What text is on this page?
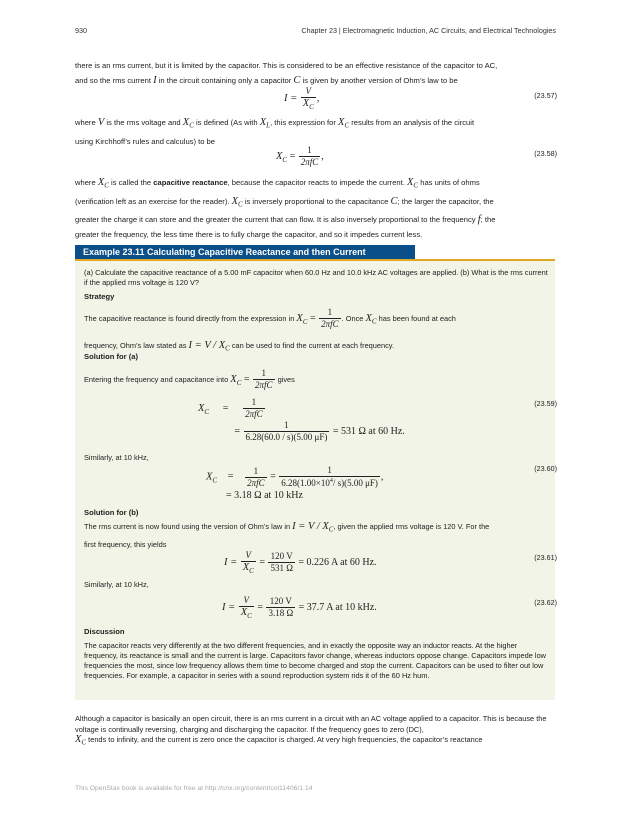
930	Chapter 23 | Electromagnetic Induction, AC Circuits, and Electrical Technologies

there is an rms current, but it is limited by the capacitor. This is considered to be an effective resistance of the capacitor to AC,
and so the rms current I in the circuit containing only a capacitor C is given by another version of Ohm’s law to be

$I = \frac{V}{X_C}$ ,	(23.57)

where V is the rms voltage and $X_C$ is defined (As with $X_L$, this expression for $X_C$ results from an analysis of the circuit
using Kirchhoff’s rules and calculus) to be

$X_C = \frac{1}{\text{2πfC}}$ ,	(23.58)

where $X_C$ is called the capacitive reactance, because the capacitor reacts to impede the current. $X_C$ has units of ohms
(verification left as an exercise for the reader). $X_C$ is inversely proportional to the capacitance C; the larger the capacitor, the
greater the charge it can store and the greater the current that can flow. It is also inversely proportional to the frequency f; the
greater the frequency, the less time there is to fully charge the capacitor, and so it impedes current less.

Example 23.11 Calculating Capacitive Reactance and then Current

(a) Calculate the capacitive reactance of a 5.00 mF capacitor when 60.0 Hz and 10.0 kHz AC voltages are applied. (b) What is the rms current if the applied rms voltage is 120 V?

Strategy

The capacitive reactance is found directly from the expression in $X_C = \frac{1}{\text{2πfC}}$ . Once $X_C$ has been found at each
frequency, Ohm’s law stated as $I = V / X_C$ can be used to find the current at each frequency.

Solution for (a)

Entering the frequency and capacitance into $X_C = \frac{1}{\text{2πfC}}$ gives

$X_C = \frac{1}{\text{2πfC}}$
= $\frac{1}{6.28(60.0 / s)(5.00 \mu F)} = 531$ Ω at 60 Hz.
(23.59)
Similarly, at 10 kHz,
$X_C = \frac{1}{\text{2πfC}} = \frac{1}{6.28(1.00\times 10^4/ s)(5.00 \mu F)}$ ,
= 3.18 Ω at 10 kHz
(23.60)
Solution for (b)

The rms current is now found using the version of Ohm’s law in $I = V / X_C$, given the applied rms voltage is 120 V. For the
first frequency, this yields

$I = \frac{V}{X_C} = \frac{120 V}{531 \Omega} = 0.226$ A at 60 Hz.	(23.61)
Similarly, at 10 kHz,
$I = \frac{V}{X_C} = \frac{120 V}{3.18 \Omega} = 37.7$ A at 10 kHz.	(23.62)
Discussion

The capacitor reacts very differently at the two different frequencies, and in exactly the opposite way an inductor reacts. At the higher frequency, its reactance is small and the current is large. Capacitors favor change, whereas inductors oppose change. Capacitors impede low frequencies the most, since low frequency allows them time to become charged and stop the current. Capacitors can be used to filter out low frequencies. For example, a capacitor in series with a sound reproduction system rids it of the 60 Hz hum.

Although a capacitor is basically an open circuit, there is an rms current in a circuit with an AC voltage applied to a capacitor. This is because the voltage is continually reversing, charging and discharging the capacitor. If the frequency goes to zero (DC),
$X_C$ tends to infinity, and the current is zero once the capacitor is charged. At very high frequencies, the capacitor’s reactance

This OpenStax book is available for free at http://cnx.org/content/col11406/1.14
